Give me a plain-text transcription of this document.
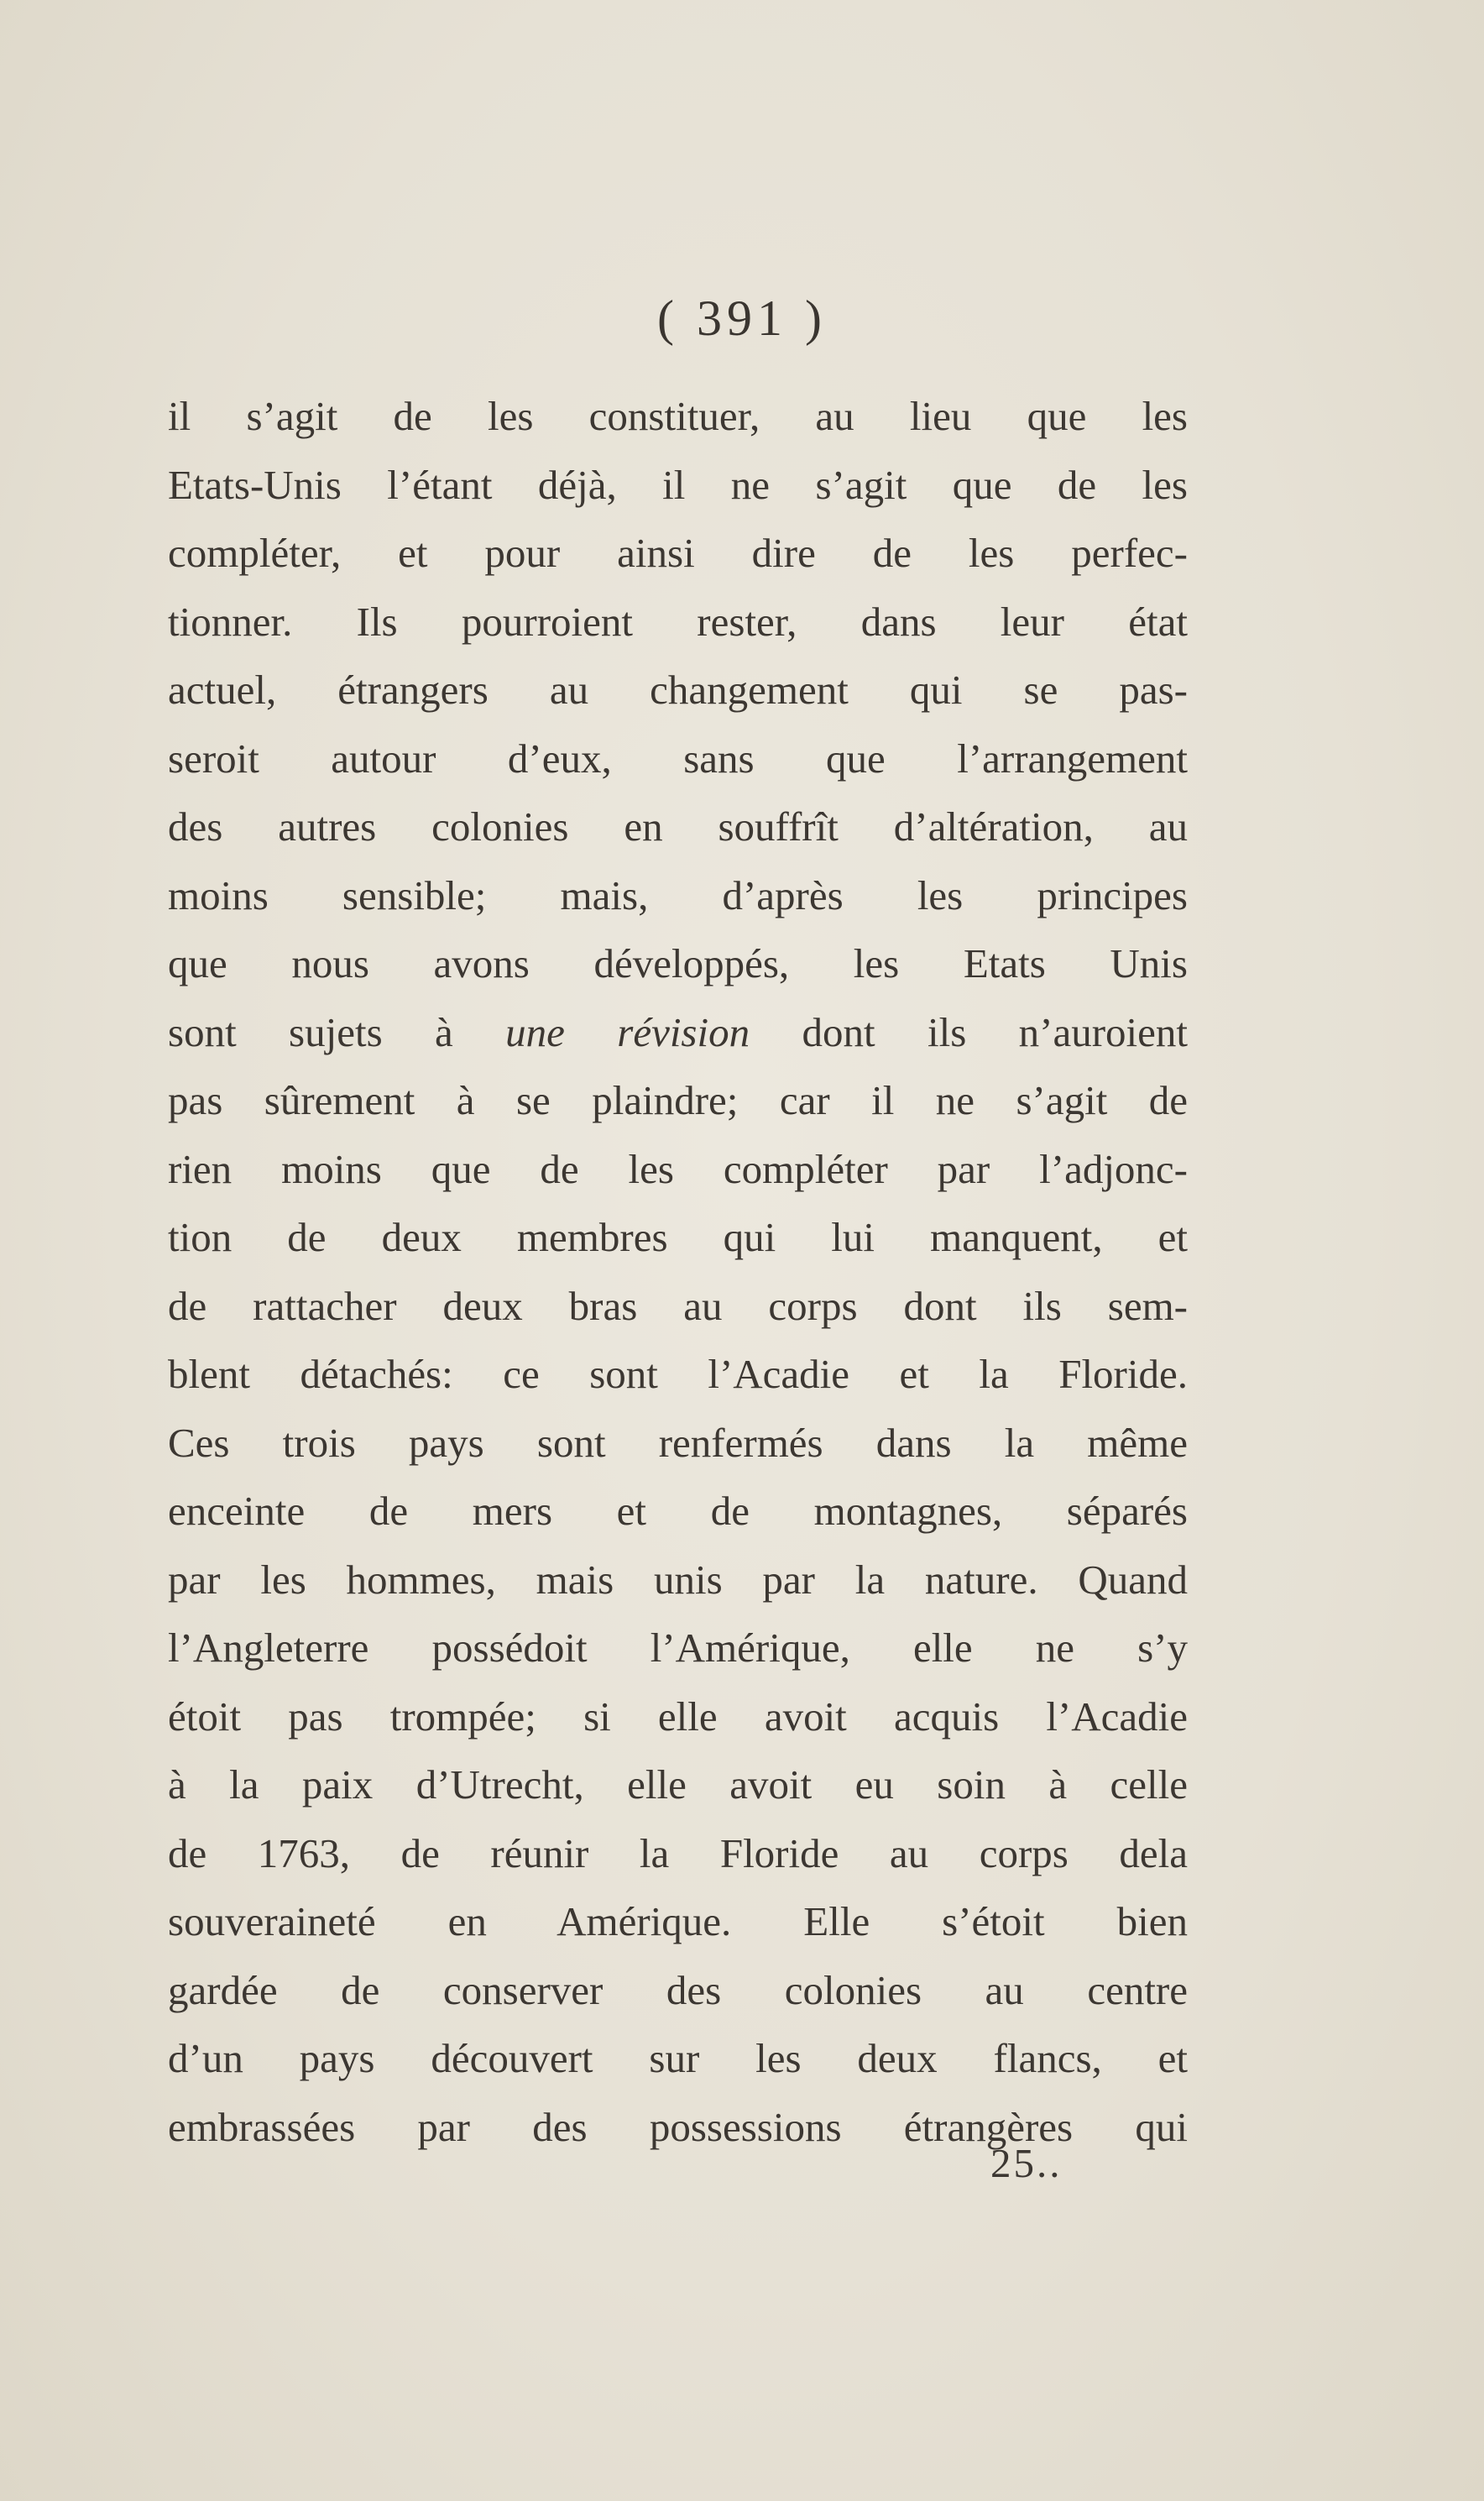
( 391 )
il s’agit de les constituer, au lieu que les
Etats-Unis l’étant déjà, il ne s’agit que de les
compléter, et pour ainsi dire de les perfec-
tionner. Ils pourroient rester, dans leur état
actuel, étrangers au changement qui se pas-
seroit autour d’eux, sans que l’arrangement
des autres colonies en souffrît d’altération, au
moins sensible; mais, d’après les principes
que nous avons développés, les Etats Unis
sont sujets à une révision dont ils n’auroient
pas sûrement à se plaindre; car il ne s’agit de
rien moins que de les compléter par l’adjonc-
tion de deux membres qui lui manquent, et
de rattacher deux bras au corps dont ils sem-
blent détachés: ce sont l’Acadie et la Floride.
Ces trois pays sont renfermés dans la même
enceinte de mers et de montagnes, séparés
par les hommes, mais unis par la nature. Quand
l’Angleterre possédoit l’Amérique, elle ne s’y
étoit pas trompée; si elle avoit acquis l’Acadie
à la paix d’Utrecht, elle avoit eu soin à celle
de 1763, de réunir la Floride au corps dela
souveraineté en Amérique. Elle s’étoit bien
gardée de conserver des colonies au centre
d’un pays découvert sur les deux flancs, et
embrassées par des possessions étrangères qui
25..
